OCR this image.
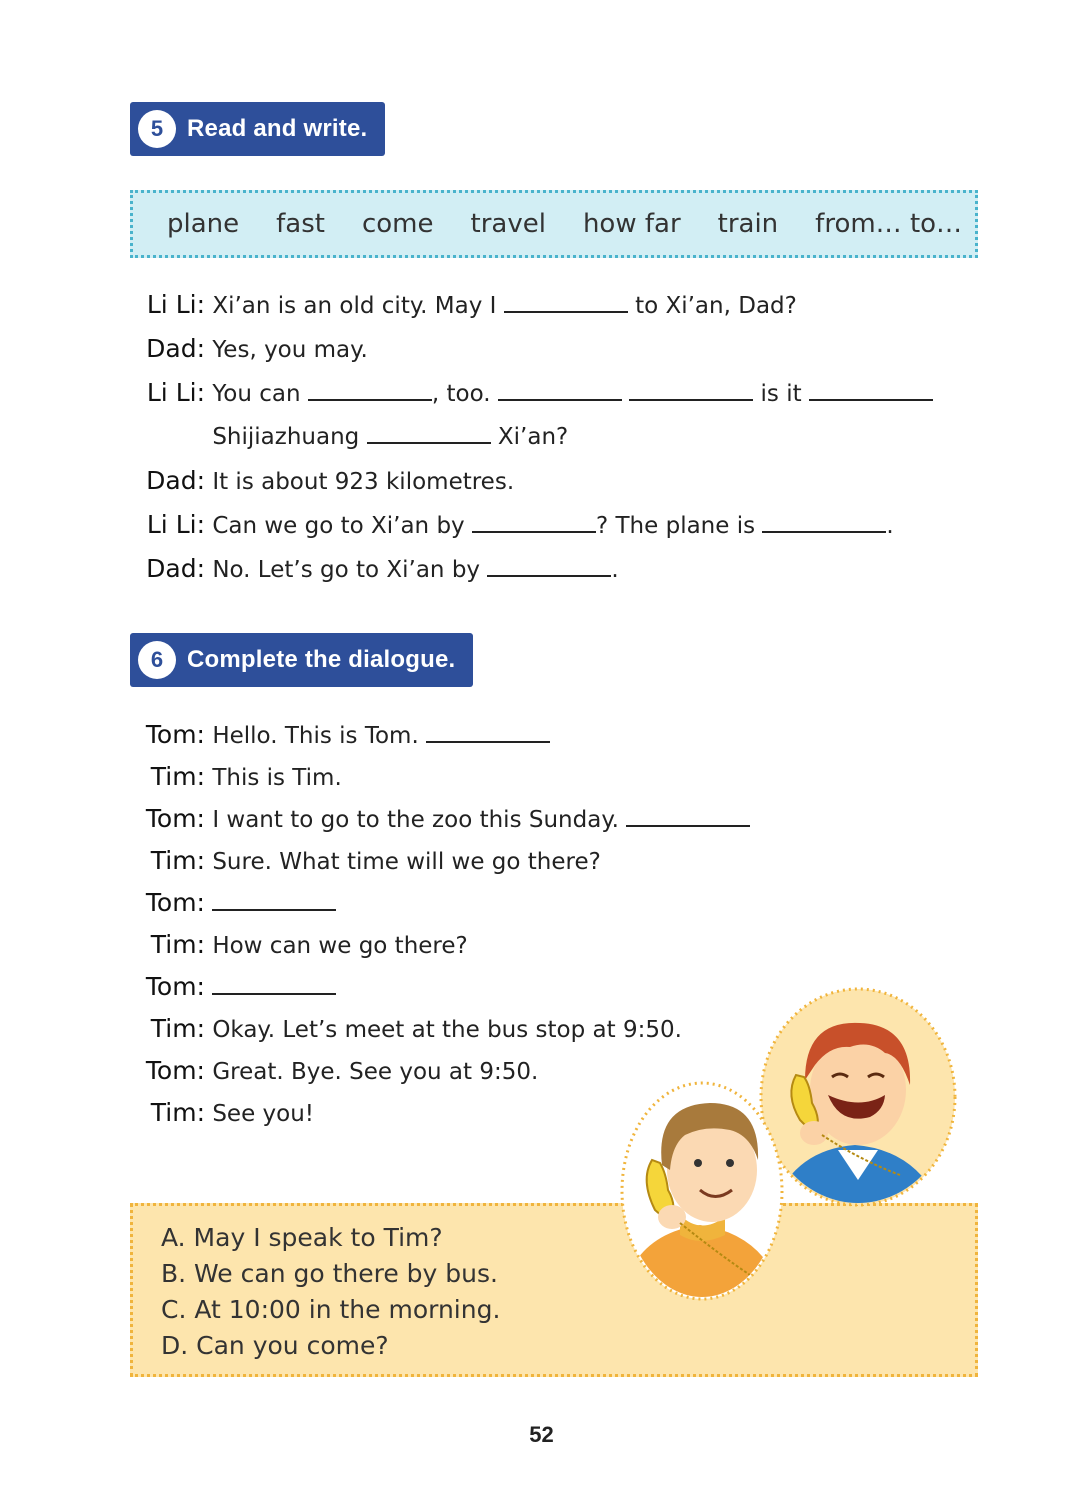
5 Read and write.
plane fast come travel how far train from… to…
Li Li: Xi’an is an old city. May I	to Xi’an, Dad?
Dad: Yes, you may.
Li Li: You can	, too.	is it
Shijiazhuang	Xi’an?
Dad: It is about 923 kilometres.
Li Li: Can we go to Xi’an by	? The plane is	.
Dad: No. Let’s go to Xi’an by	.
6 Complete the dialogue.
Tom: Hello. This is Tom.
Tim: This is Tim.
Tom: I want to go to the zoo this Sunday.
Tim: Sure. What time will we go there?
Tom:
Tim: How can we go there?
Tom:
Tim: Okay. Let’s meet at the bus stop at 9:50.
Tom: Great. Bye. See you at 9:50.
Tim: See you!
A. May I speak to Tim?
B. We can go there by bus.
C. At 10:00 in the morning.
D. Can you come?
52
